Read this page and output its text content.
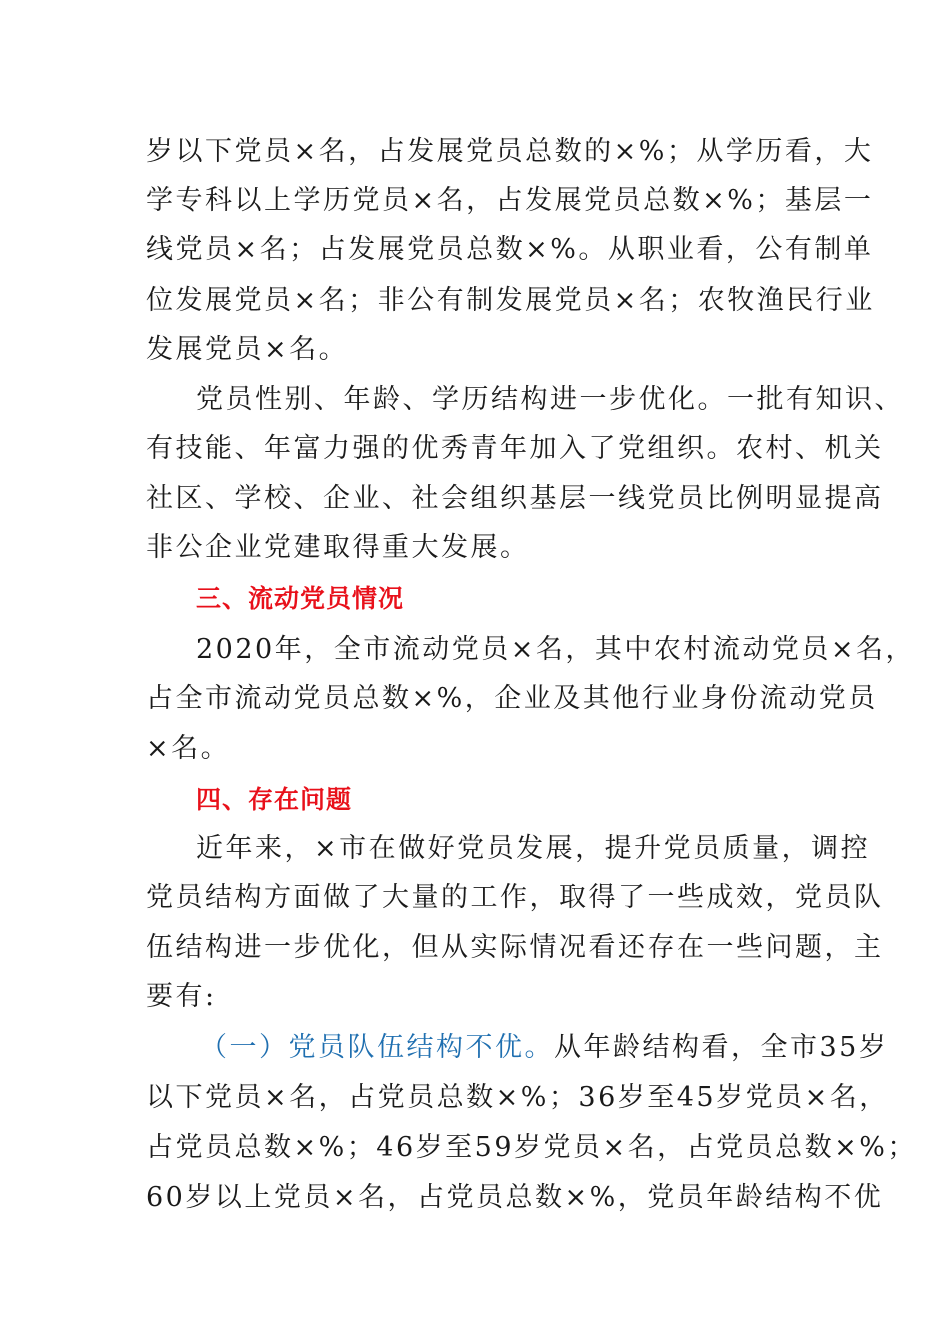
岁以下党员×名，占发展党员总数的×%；从学历看，大
学专科以上学历党员×名，占发展党员总数×%；基层一
线党员×名；占发展党员总数×%。从职业看，公有制单
位发展党员×名；非公有制发展党员×名；农牧渔民行业
发展党员×名。
党员性别、年龄、学历结构进一步优化。一批有知识、
有技能、年富力强的优秀青年加入了党组织。农村、机关
社区、学校、企业、社会组织基层一线党员比例明显提高
非公企业党建取得重大发展。
三、流动党员情况
2020年，全市流动党员×名，其中农村流动党员×名，
占全市流动党员总数×%，企业及其他行业身份流动党员
×名。
四、存在问题
近年来，×市在做好党员发展，提升党员质量，调控
党员结构方面做了大量的工作，取得了一些成效，党员队
伍结构进一步优化，但从实际情况看还存在一些问题，主
要有:
（一）党员队伍结构不优。从年龄结构看，全市35岁
以下党员×名，占党员总数×%；36岁至45岁党员×名，
占党员总数×%；46岁至59岁党员×名，占党员总数×%；
60岁以上党员×名，占党员总数×%，党员年龄结构不优
